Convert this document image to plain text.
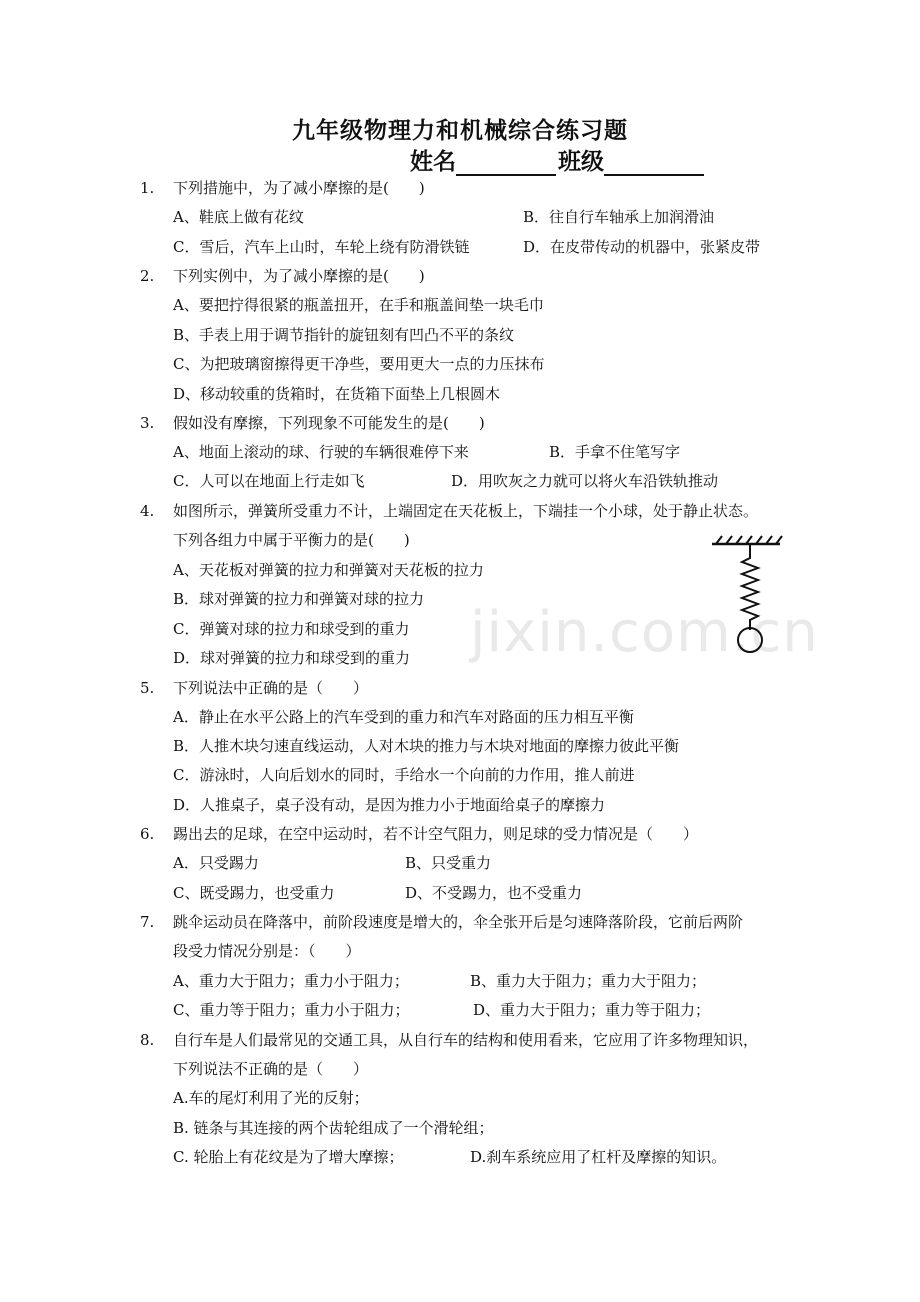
jixin.com.cn
九年级物理力和机械综合练习题
姓名	班级
1. 下列措施中，为了减小摩擦的是(　　)
A、鞋底上做有花纹	B．往自行车轴承上加润滑油
C．雪后，汽车上山时，车轮上绕有防滑铁链	D．在皮带传动的机器中，张紧皮带
2. 下列实例中，为了减小摩擦的是(　　)
A、要把拧得很紧的瓶盖扭开，在手和瓶盖间垫一块毛巾
B、手表上用于调节指针的旋钮刻有凹凸不平的条纹
C、为把玻璃窗擦得更干净些，要用更大一点的力压抹布
D、移动较重的货箱时，在货箱下面垫上几根圆木
3. 假如没有摩擦，下列现象不可能发生的是(　　)
A、地面上滚动的球、行驶的车辆很难停下来	B．手拿不住笔写字
C．人可以在地面上行走如飞	D．用吹灰之力就可以将火车沿铁轨推动
4. 如图所示，弹簧所受重力不计，上端固定在天花板上，下端挂一个小球，处于静止状态。
下列各组力中属于平衡力的是(　　)
A、天花板对弹簧的拉力和弹簧对天花板的拉力
B．球对弹簧的拉力和弹簧对球的拉力
C．弹簧对球的拉力和球受到的重力
D．球对弹簧的拉力和球受到的重力
5. 下列说法中正确的是（　　）
A．静止在水平公路上的汽车受到的重力和汽车对路面的压力相互平衡
B．人推木块匀速直线运动，人对木块的推力与木块对地面的摩擦力彼此平衡
C．游泳时，人向后划水的同时，手给水一个向前的力作用，推人前进
D．人推桌子，桌子没有动，是因为推力小于地面给桌子的摩擦力
6. 踢出去的足球，在空中运动时，若不计空气阻力，则足球的受力情况是（　　）
A．只受踢力	B、只受重力
C、既受踢力，也受重力	D、不受踢力，也不受重力
7. 跳伞运动员在降落中，前阶段速度是增大的，伞全张开后是匀速降落阶段，它前后两阶
段受力情况分别是：（　　）
A、重力大于阻力；重力小于阻力；	B、重力大于阻力；重力大于阻力；
C、重力等于阻力；重力小于阻力；	D、重力大于阻力；重力等于阻力；
8. 自行车是人们最常见的交通工具，从自行车的结构和使用看来，它应用了许多物理知识，
下列说法不正确的是（　　）
A.车的尾灯利用了光的反射；
B. 链条与其连接的两个齿轮组成了一个滑轮组；
C. 轮胎上有花纹是为了增大摩擦；	D.刹车系统应用了杠杆及摩擦的知识。
